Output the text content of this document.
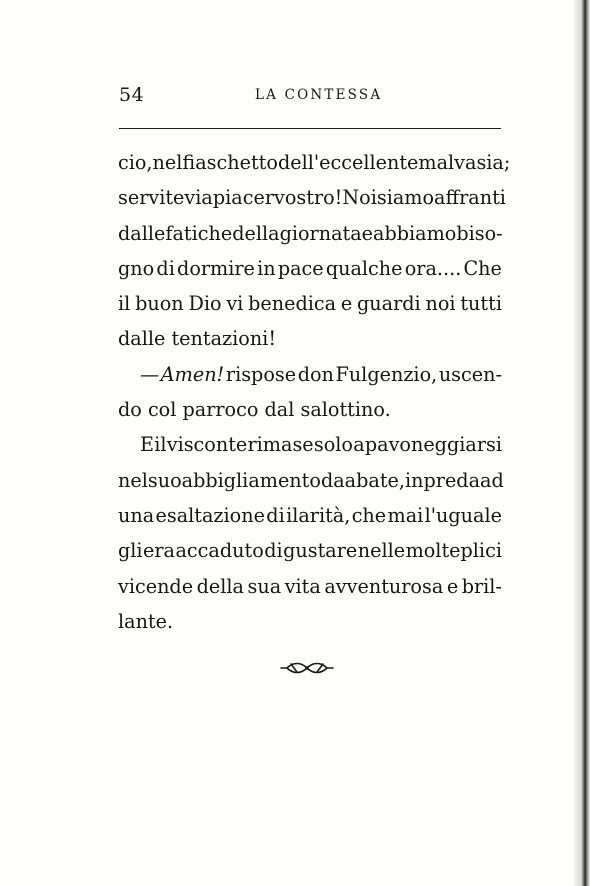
54	LA CONTESSA
cio, nel fiaschetto dell' eccellente malvasia;
servitevi a piacer vostro! Noi siamo affranti
dalle fatiche della giornata e abbiamo biso-
gno di dormire in pace qualche ora.... Che
il buon Dio vi benedica e guardi noi tutti
dalle tentazioni!
— Amen! rispose don Fulgenzio, uscen-
do col parroco dal salottino.
E il visconte rimase solo a pavoneggiarsi
nel suo abbigliamento da abate, in preda ad
una esaltazione di ilarità, che mai l'uguale
gli era accaduto di gustare nelle molteplici
vicende della sua vita avventurosa e bril-
lante.
